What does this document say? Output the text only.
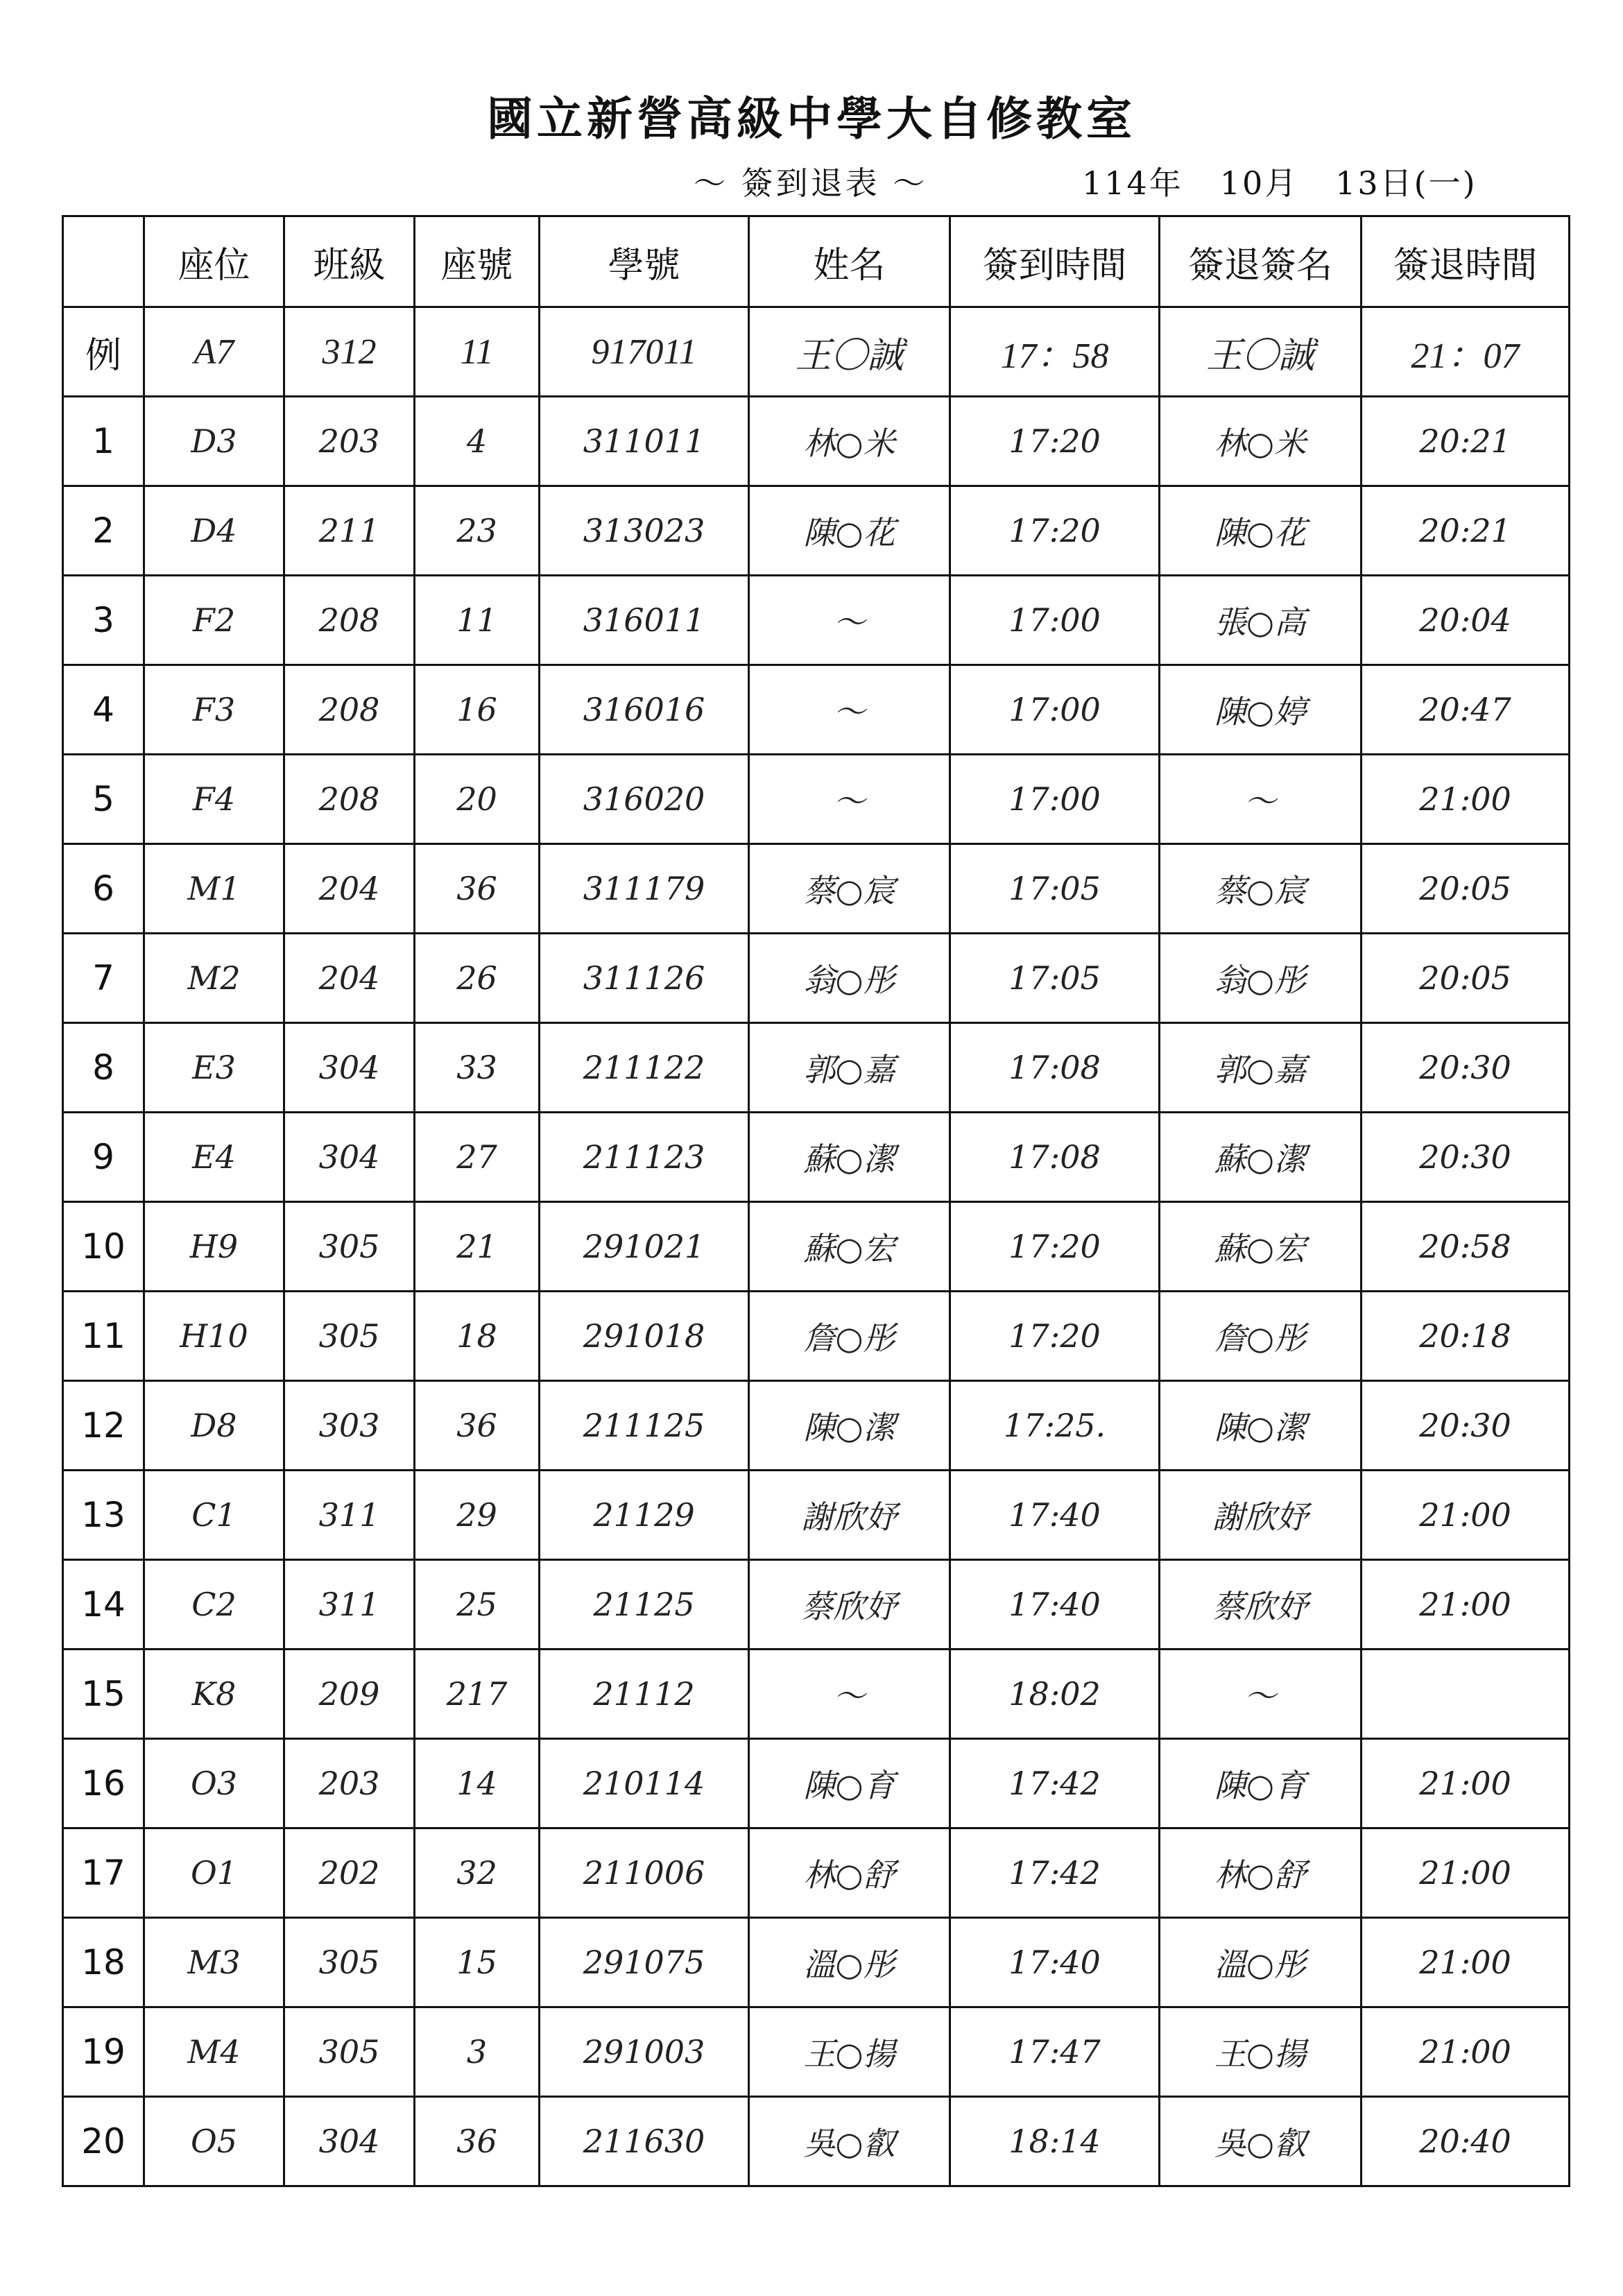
國立新營高級中學大自修教室
～ 簽到退表 ～	114年 10月 13日(一)
	座位	班級	座號	學號	姓名	簽到時間	簽退簽名	簽退時間
例	A7	312	11	917011	王〇誠	17：58	王〇誠	21：07
1	D3	203	4	311011	林○米	17:20	林○米	20:21
2	D4	211	23	313023	陳○花	17:20	陳○花	20:21
3	F2	208	11	316011	～	17:00	張○高	20:04
4	F3	208	16	316016	～	17:00	陳○婷	20:47
5	F4	208	20	316020	～	17:00	～	21:00
6	M1	204	36	311179	蔡○宸	17:05	蔡○宸	20:05
7	M2	204	26	311126	翁○彤	17:05	翁○彤	20:05
8	E3	304	33	211122	郭○嘉	17:08	郭○嘉	20:30
9	E4	304	27	211123	蘇○潔	17:08	蘇○潔	20:30
10	H9	305	21	291021	蘇○宏	17:20	蘇○宏	20:58
11	H10	305	18	291018	詹○彤	17:20	詹○彤	20:18
12	D8	303	36	211125	陳○潔	17:25.	陳○潔	20:30
13	C1	311	29	21129	謝欣妤	17:40	謝欣妤	21:00
14	C2	311	25	21125	蔡欣妤	17:40	蔡欣妤	21:00
15	K8	209	217	21112	～	18:02	～	
16	O3	203	14	210114	陳○育	17:42	陳○育	21:00
17	O1	202	32	211006	林○舒	17:42	林○舒	21:00
18	M3	305	15	291075	溫○彤	17:40	溫○彤	21:00
19	M4	305	3	291003	王○揚	17:47	王○揚	21:00
20	O5	304	36	211630	吳○叡	18:14	吳○叡	20:40
